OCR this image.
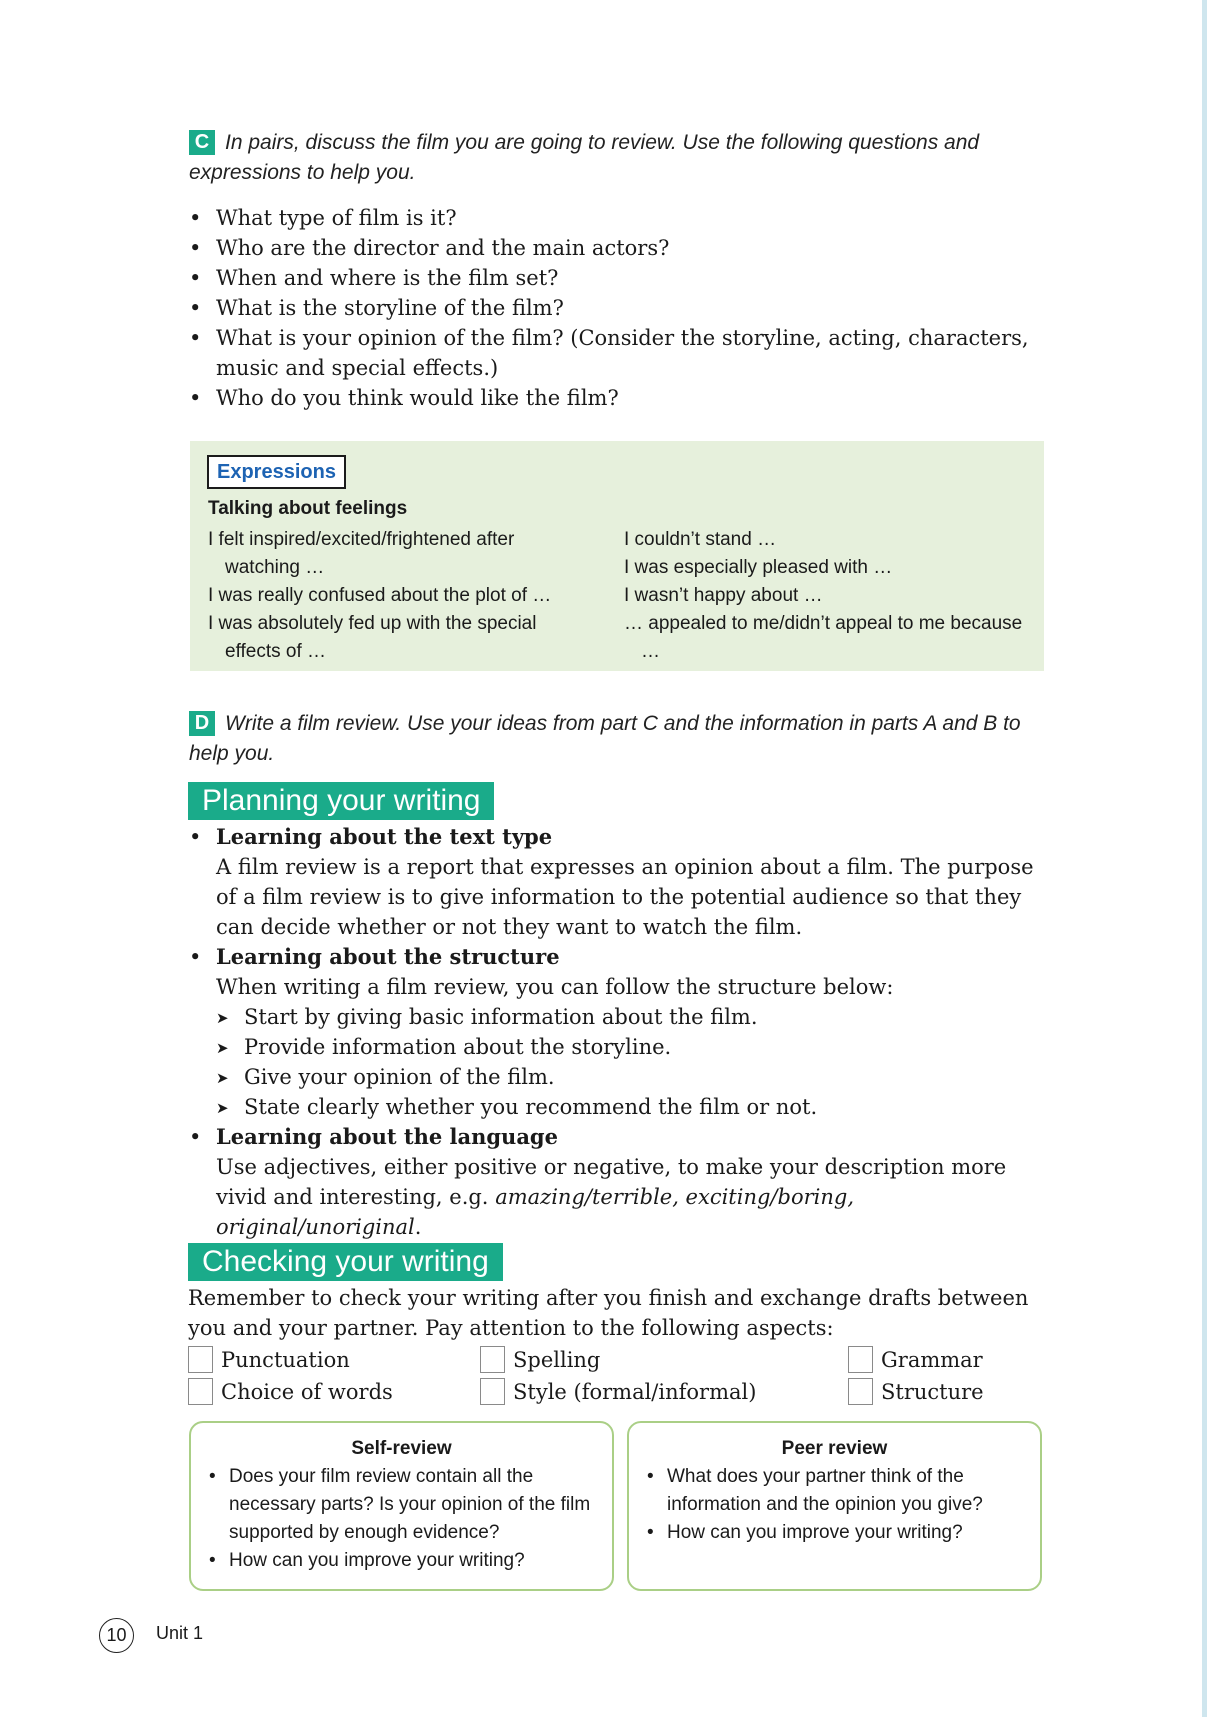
C In pairs, discuss the film you are going to review. Use the following questions and expressions to help you.
• What type of film is it?
• Who are the director and the main actors?
• When and where is the film set?
• What is the storyline of the film?
• What is your opinion of the film? (Consider the storyline, acting, characters, music and special effects.)
• Who do you think would like the film?
Expressions
Talking about feelings
I felt inspired/excited/frightened after watching …
I was really confused about the plot of …
I was absolutely fed up with the special effects of …
I couldn’t stand …
I was especially pleased with …
I wasn’t happy about …
… appealed to me/didn’t appeal to me because …
D Write a film review. Use your ideas from part C and the information in parts A and B to help you.
Planning your writing
• Learning about the text type
A film review is a report that expresses an opinion about a film. The purpose of a film review is to give information to the potential audience so that they can decide whether or not they want to watch the film.
• Learning about the structure
When writing a film review, you can follow the structure below:
➤ Start by giving basic information about the film.
➤ Provide information about the storyline.
➤ Give your opinion of the film.
➤ State clearly whether you recommend the film or not.
• Learning about the language
Use adjectives, either positive or negative, to make your description more vivid and interesting, e.g. amazing/terrible, exciting/boring, original/unoriginal.
Checking your writing
Remember to check your writing after you finish and exchange drafts between you and your partner. Pay attention to the following aspects:
Punctuation	Spelling	Grammar
Choice of words	Style (formal/informal)	Structure
Self-review
• Does your film review contain all the necessary parts? Is your opinion of the film supported by enough evidence?
• How can you improve your writing?
Peer review
• What does your partner think of the information and the opinion you give?
• How can you improve your writing?
10	Unit 1
